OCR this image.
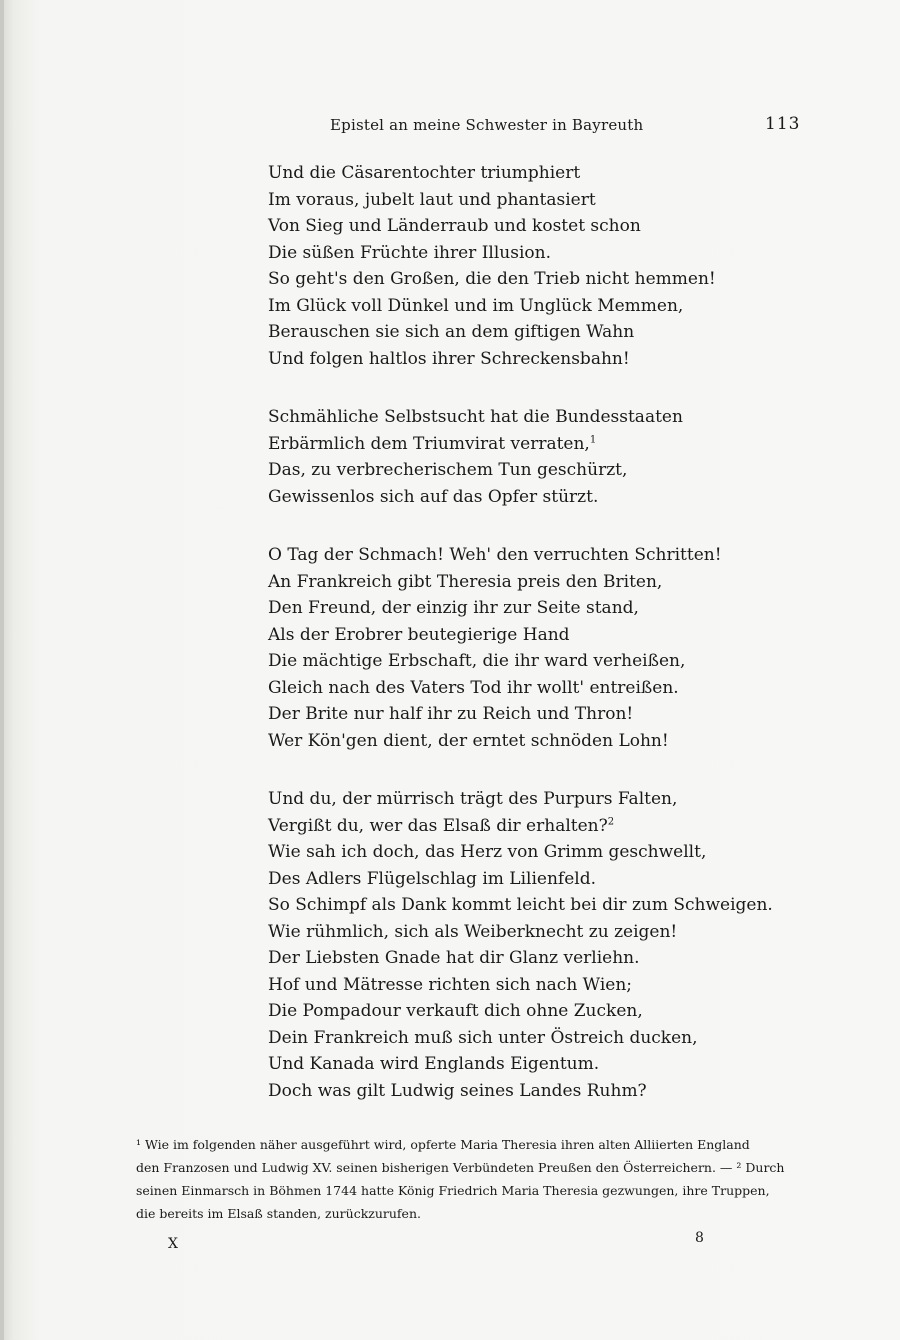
Epistel an meine Schwester in Bayreuth	113
Und die Cäsarentochter triumphiert
Im voraus, jubelt laut und phantasiert
Von Sieg und Länderraub und kostet schon
Die süßen Früchte ihrer Illusion.
So geht's den Großen, die den Trieb nicht hemmen!
Im Glück voll Dünkel und im Unglück Memmen,
Berauschen sie sich an dem giftigen Wahn
Und folgen haltlos ihrer Schreckensbahn!
Schmähliche Selbstsucht hat die Bundesstaaten
Erbärmlich dem Triumvirat verraten,$^1$
Das, zu verbrecherischem Tun geschürzt,
Gewissenlos sich auf das Opfer stürzt.
O Tag der Schmach! Weh' den verruchten Schritten!
An Frankreich gibt Theresia preis den Briten,
Den Freund, der einzig ihr zur Seite stand,
Als der Erobrer beutegierige Hand
Die mächtige Erbschaft, die ihr ward verheißen,
Gleich nach des Vaters Tod ihr wollt' entreißen.
Der Brite nur half ihr zu Reich und Thron!
Wer Kön'gen dient, der erntet schnöden Lohn!
Und du, der mürrisch trägt des Purpurs Falten,
Vergißt du, wer das Elsaß dir erhalten?$^2$
Wie sah ich doch, das Herz von Grimm geschwellt,
Des Adlers Flügelschlag im Lilienfeld.
So Schimpf als Dank kommt leicht bei dir zum Schweigen.
Wie rühmlich, sich als Weiberknecht zu zeigen!
Der Liebsten Gnade hat dir Glanz verliehn.
Hof und Mätresse richten sich nach Wien;
Die Pompadour verkauft dich ohne Zucken,
Dein Frankreich muß sich unter Östreich ducken,
Und Kanada wird Englands Eigentum.
Doch was gilt Ludwig seines Landes Ruhm?
¹ Wie im folgenden näher ausgeführt wird, opferte Maria Theresia ihren alten Alliierten England
den Franzosen und Ludwig XV. seinen bisherigen Verbündeten Preußen den Österreichern. — ² Durch
seinen Einmarsch in Böhmen 1744 hatte König Friedrich Maria Theresia gezwungen, ihre Truppen,
die bereits im Elsaß standen, zurückzurufen.
X	8
